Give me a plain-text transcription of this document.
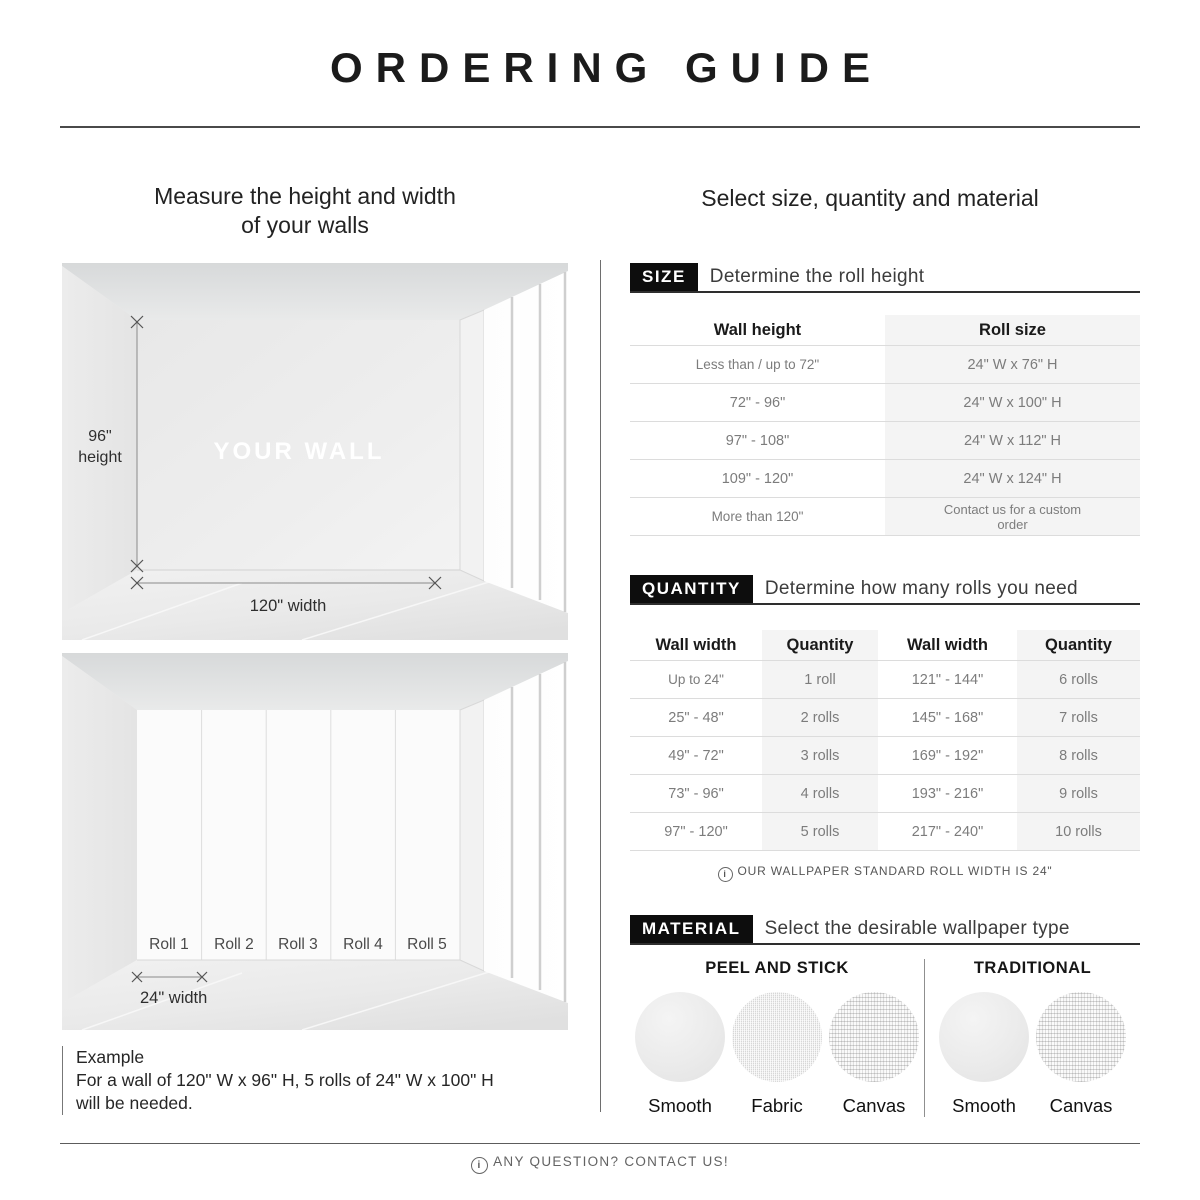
ORDERING GUIDE
Measure the height and width
of your walls
Select size, quantity and material
96"
height	YOUR WALL
120" width
Roll 1 Roll 2 Roll 3 Roll 4 Roll 5
24" width
Example
For a wall of 120" W x 96" H, 5 rolls of 24" W x 100" H
will be needed.
SIZE	Determine the roll height
Wall height	Roll size
Less than / up to 72"	24" W x 76" H
72" - 96"	24" W x 100" H
97" - 108"	24" W x 112" H
109" - 120"	24" W x 124" H
More than 120"	Contact us for a custom order
QUANTITY	Determine how many rolls you need
Wall width	Quantity	Wall width	Quantity
Up to 24"	1 roll	121" - 144"	6 rolls
25" - 48"	2 rolls	145" - 168"	7 rolls
49" - 72"	3 rolls	169" - 192"	8 rolls
73" - 96"	4 rolls	193" - 216"	9 rolls
97" - 120"	5 rolls	217" - 240"	10 rolls
i OUR WALLPAPER STANDARD ROLL WIDTH IS 24"
MATERIAL	Select the desirable wallpaper type
PEEL AND STICK
Smooth	Fabric	Canvas
TRADITIONAL
Smooth	Canvas
i ANY QUESTION? CONTACT US!
